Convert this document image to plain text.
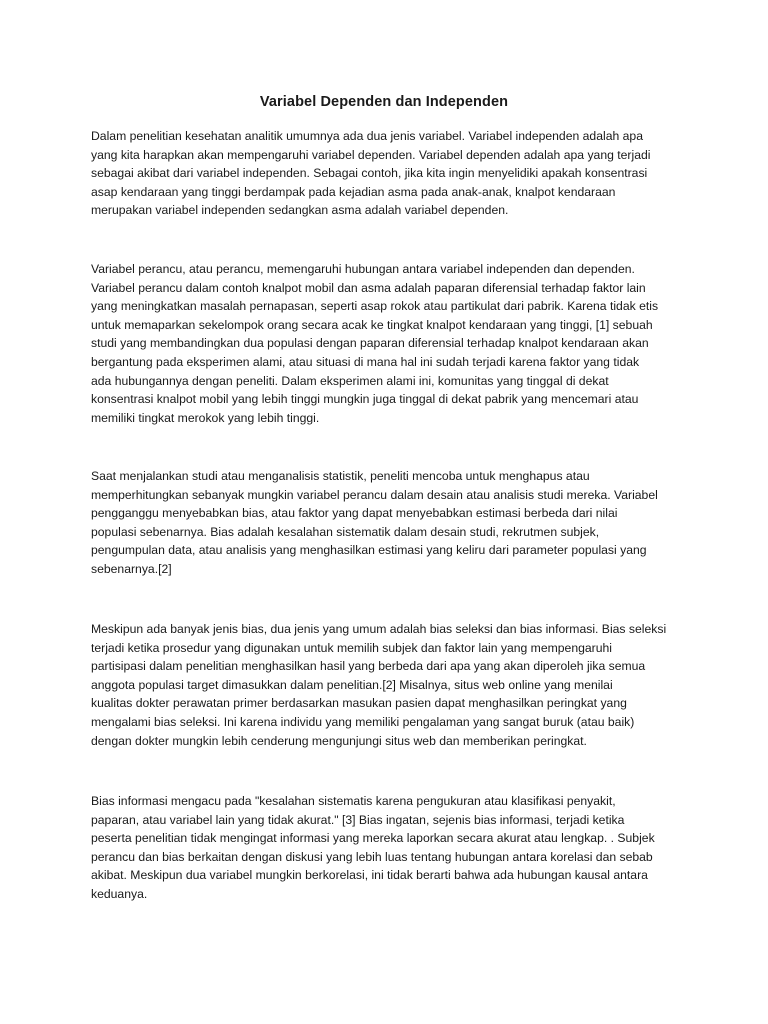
Variabel Dependen dan Independen

Dalam penelitian kesehatan analitik umumnya ada dua jenis variabel. Variabel independen adalah apa
yang kita harapkan akan mempengaruhi variabel dependen. Variabel dependen adalah apa yang terjadi
sebagai akibat dari variabel independen. Sebagai contoh, jika kita ingin menyelidiki apakah konsentrasi
asap kendaraan yang tinggi berdampak pada kejadian asma pada anak-anak, knalpot kendaraan
merupakan variabel independen sedangkan asma adalah variabel dependen.

Variabel perancu, atau perancu, memengaruhi hubungan antara variabel independen dan dependen.
Variabel perancu dalam contoh knalpot mobil dan asma adalah paparan diferensial terhadap faktor lain
yang meningkatkan masalah pernapasan, seperti asap rokok atau partikulat dari pabrik. Karena tidak etis
untuk memaparkan sekelompok orang secara acak ke tingkat knalpot kendaraan yang tinggi, [1] sebuah
studi yang membandingkan dua populasi dengan paparan diferensial terhadap knalpot kendaraan akan
bergantung pada eksperimen alami, atau situasi di mana hal ini sudah terjadi karena faktor yang tidak
ada hubungannya dengan peneliti. Dalam eksperimen alami ini, komunitas yang tinggal di dekat
konsentrasi knalpot mobil yang lebih tinggi mungkin juga tinggal di dekat pabrik yang mencemari atau
memiliki tingkat merokok yang lebih tinggi.

Saat menjalankan studi atau menganalisis statistik, peneliti mencoba untuk menghapus atau
memperhitungkan sebanyak mungkin variabel perancu dalam desain atau analisis studi mereka. Variabel
pengganggu menyebabkan bias, atau faktor yang dapat menyebabkan estimasi berbeda dari nilai
populasi sebenarnya. Bias adalah kesalahan sistematik dalam desain studi, rekrutmen subjek,
pengumpulan data, atau analisis yang menghasilkan estimasi yang keliru dari parameter populasi yang
sebenarnya.[2]

Meskipun ada banyak jenis bias, dua jenis yang umum adalah bias seleksi dan bias informasi. Bias seleksi
terjadi ketika prosedur yang digunakan untuk memilih subjek dan faktor lain yang mempengaruhi
partisipasi dalam penelitian menghasilkan hasil yang berbeda dari apa yang akan diperoleh jika semua
anggota populasi target dimasukkan dalam penelitian.[2] Misalnya, situs web online yang menilai
kualitas dokter perawatan primer berdasarkan masukan pasien dapat menghasilkan peringkat yang
mengalami bias seleksi. Ini karena individu yang memiliki pengalaman yang sangat buruk (atau baik)
dengan dokter mungkin lebih cenderung mengunjungi situs web dan memberikan peringkat.

Bias informasi mengacu pada "kesalahan sistematis karena pengukuran atau klasifikasi penyakit,
paparan, atau variabel lain yang tidak akurat." [3] Bias ingatan, sejenis bias informasi, terjadi ketika
peserta penelitian tidak mengingat informasi yang mereka laporkan secara akurat atau lengkap. . Subjek
perancu dan bias berkaitan dengan diskusi yang lebih luas tentang hubungan antara korelasi dan sebab
akibat. Meskipun dua variabel mungkin berkorelasi, ini tidak berarti bahwa ada hubungan kausal antara
keduanya.
